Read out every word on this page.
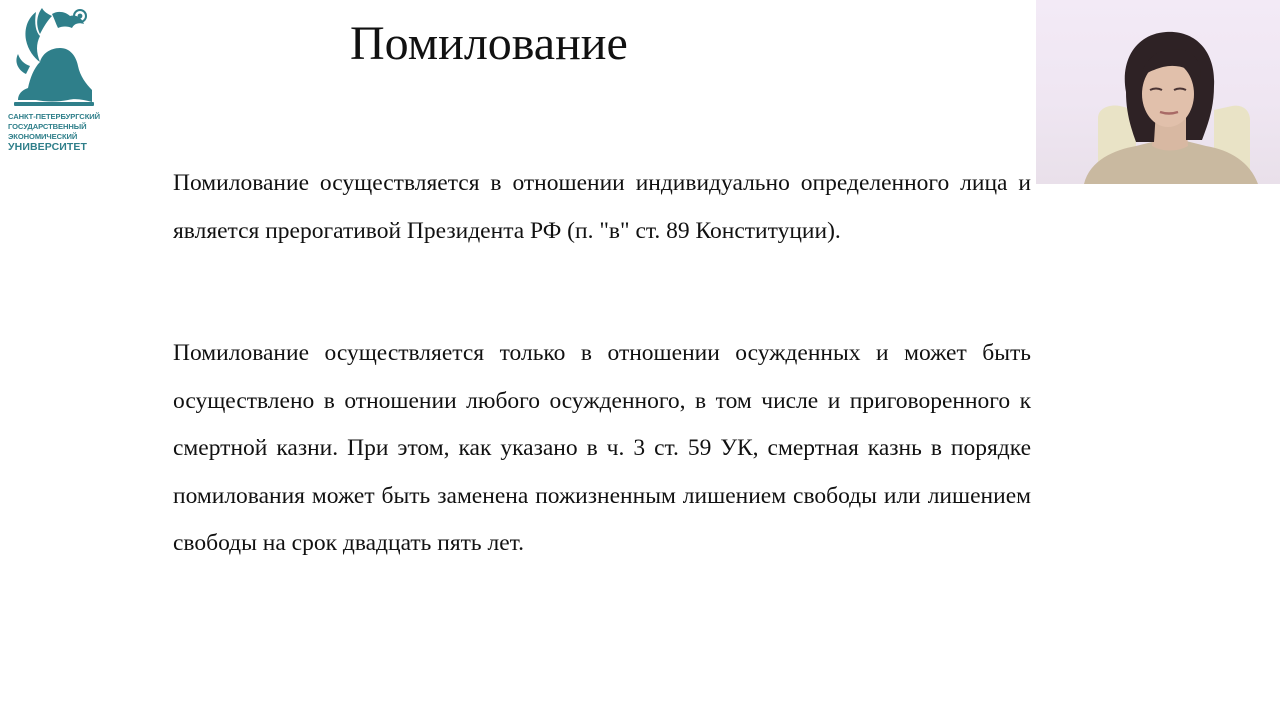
САНКТ-ПЕТЕРБУРГСКИЙ
ГОСУДАРСТВЕННЫЙ
ЭКОНОМИЧЕСКИЙ
УНИВЕРСИТЕТ
Помилование

Помилование осуществляется в отношении индивидуально определенного лица и является прерогативой Президента РФ (п. "в" ст. 89 Конституции).

Помилование осуществляется только в отношении осужденных и может быть осуществлено в отношении любого осужденного, в том числе и приговоренного к смертной казни. При этом, как указано в ч. 3 ст. 59 УК, смертная казнь в порядке помилования может быть заменена пожизненным лишением свободы или лишением свободы на срок двадцать пять лет.
